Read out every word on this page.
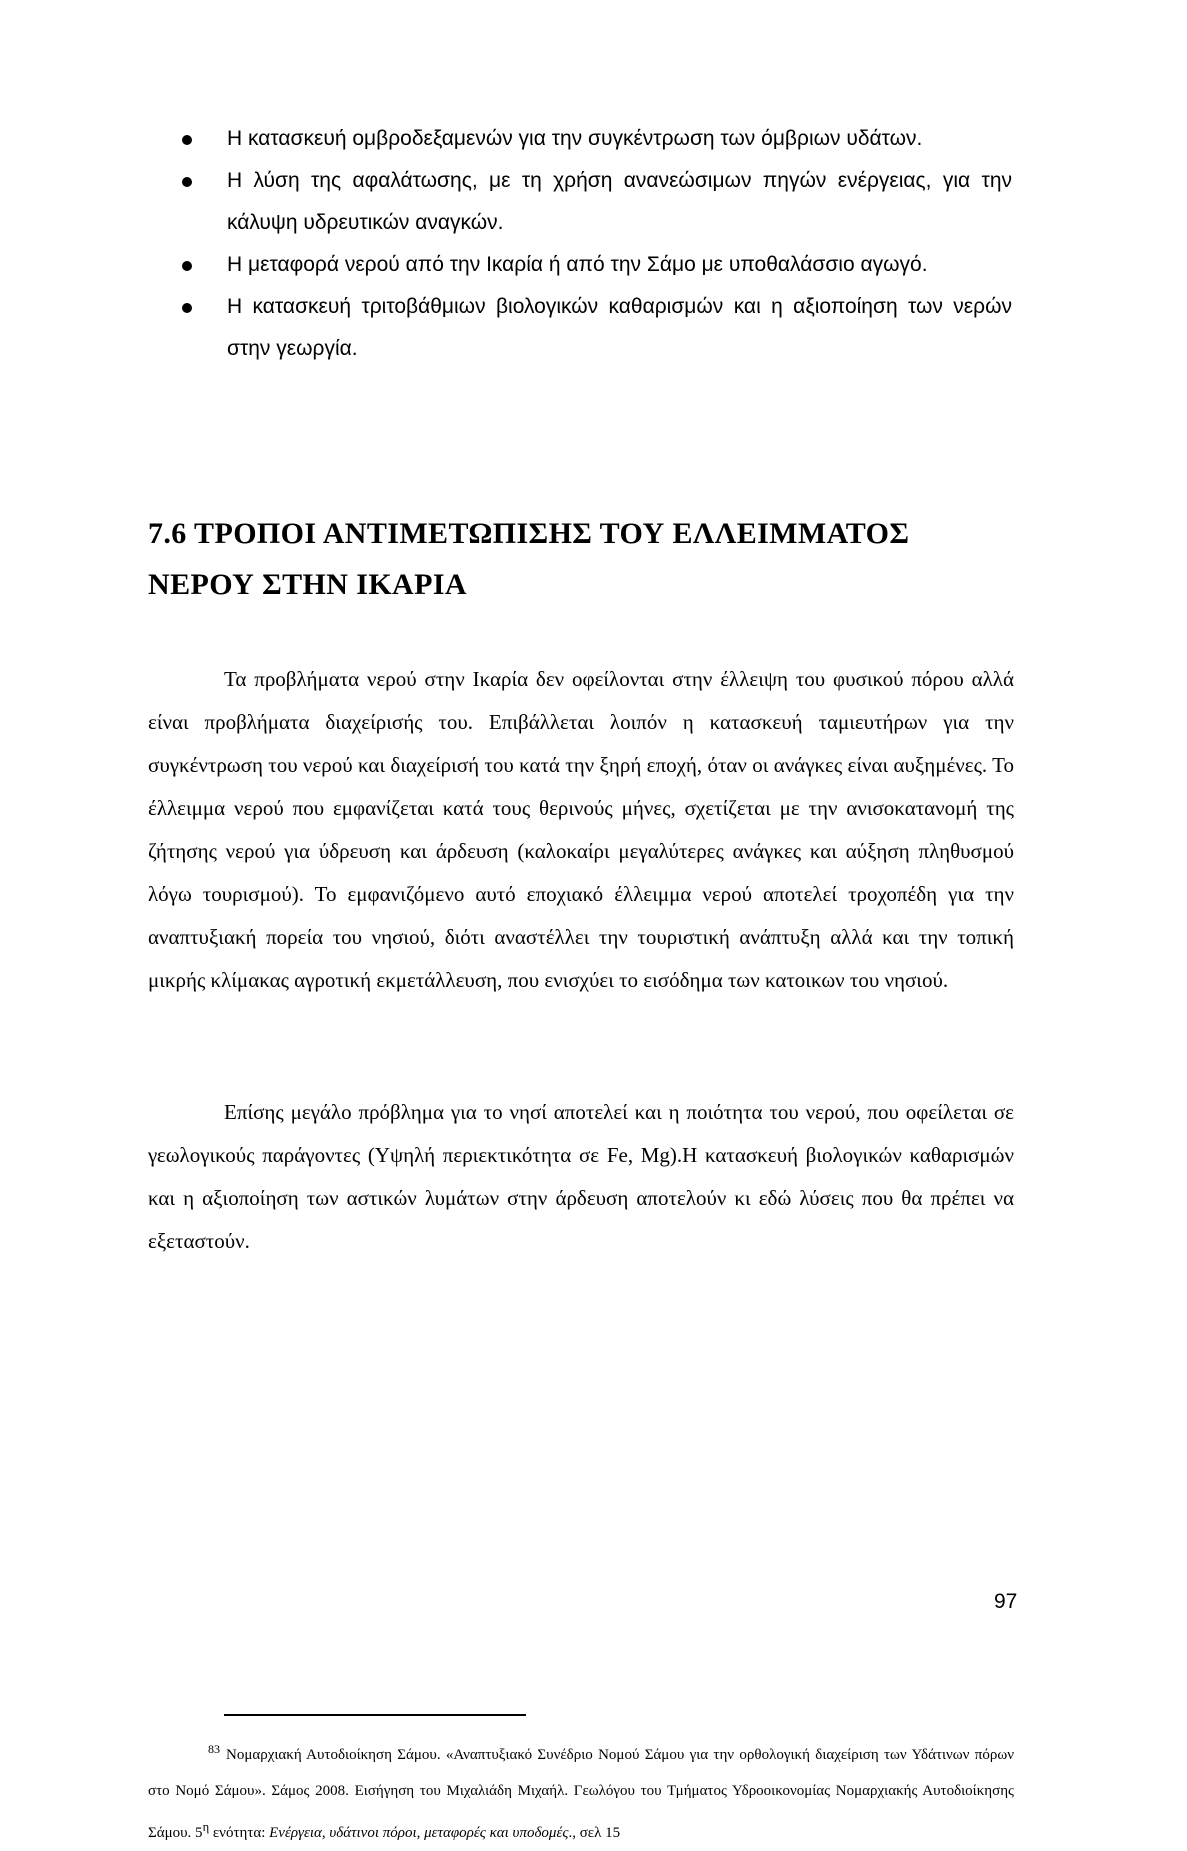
Η κατασκευή ομβροδεξαμενών για την συγκέντρωση των όμβριων υδάτων.
Η λύση της αφαλάτωσης, με τη χρήση ανανεώσιμων πηγών ενέργειας, για την κάλυψη υδρευτικών αναγκών.
Η μεταφορά νερού από την Ικαρία ή από την Σάμο με υποθαλάσσιο αγωγό.
Η κατασκευή τριτοβάθμιων βιολογικών καθαρισμών και η αξιοποίηση των νερών στην γεωργία.
7.6 ΤΡΟΠΟΙ ΑΝΤΙΜΕΤΩΠΙΣΗΣ ΤΟΥ ΕΛΛΕΙΜΜΑΤΟΣ ΝΕΡΟΥ ΣΤΗΝ ΙΚΑΡΙΑ

Τα προβλήματα νερού στην Ικαρία δεν οφείλονται στην έλλειψη του φυσικού πόρου αλλά είναι προβλήματα διαχείρισής του. Επιβάλλεται λοιπόν η κατασκευή ταμιευτήρων για την συγκέντρωση του νερού και διαχείρισή του κατά την ξηρή εποχή, όταν οι ανάγκες είναι αυξημένες. Το έλλειμμα νερού που εμφανίζεται κατά τους θερινούς μήνες, σχετίζεται με την ανισοκατανομή της ζήτησης νερού για ύδρευση και άρδευση (καλοκαίρι μεγαλύτερες ανάγκες και αύξηση πληθυσμού λόγω τουρισμού). Το εμφανιζόμενο αυτό εποχιακό έλλειμμα νερού αποτελεί τροχοπέδη για την αναπτυξιακή πορεία του νησιού, διότι αναστέλλει την τουριστική ανάπτυξη αλλά και την τοπική μικρής κλίμακας αγροτική εκμετάλλευση, που ενισχύει το εισόδημα των κατοικων του νησιού.

Επίσης μεγάλο πρόβλημα για το νησί αποτελεί και η ποιότητα του νερού, που οφείλεται σε γεωλογικούς παράγοντες (Υψηλή περιεκτικότητα σε Fe, Mg).Η κατασκευή βιολογικών καθαρισμών και η αξιοποίηση των αστικών λυμάτων στην άρδευση αποτελούν κι εδώ λύσεις που θα πρέπει να εξεταστούν.

$^{83}$ Νομαρχιακή Αυτοδιοίκηση Σάμου. «Αναπτυξιακό Συνέδριο Νομού Σάμου για την ορθολογική διαχείριση των Υδάτινων πόρων στο Νομό Σάμου». Σάμος 2008. Εισήγηση του Μιχαλιάδη Μιχαήλ. Γεωλόγου του Τμήματος Υδροοικονομίας Νομαρχιακής Αυτοδιοίκησης Σάμου. $5^\eta$ ενότητα: Ενέργεια, υδάτινοι πόροι, μεταφορές και υποδομές., σελ 15
97
